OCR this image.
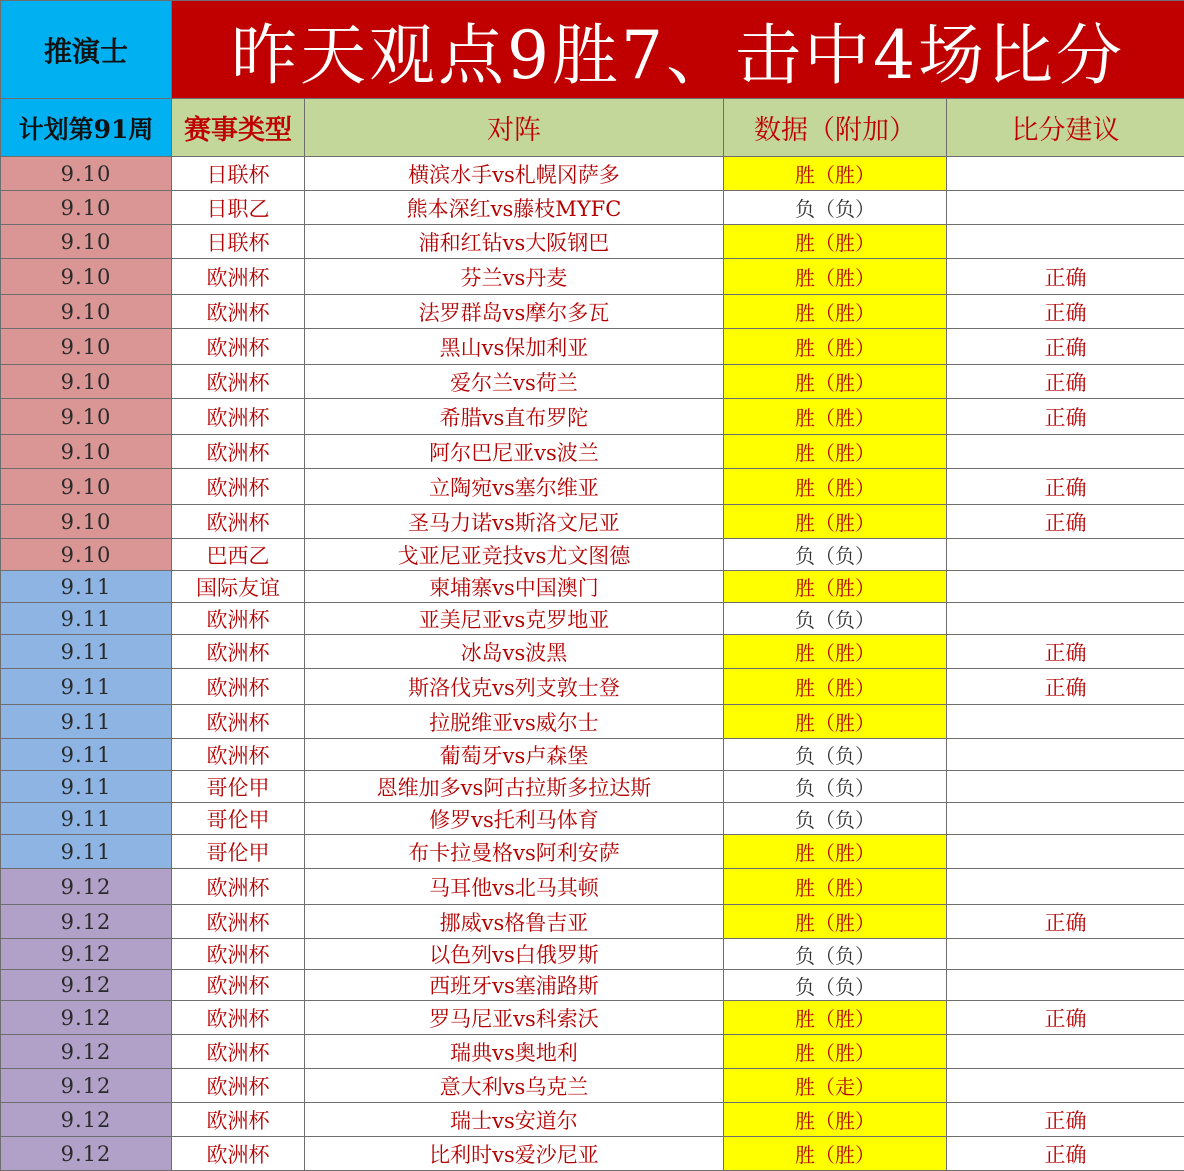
推演士	昨天观点9胜7、击中4场比分			
计划第91周	赛事类型	对阵	数据（附加）	比分建议
9.10	日联杯	横滨水手vs札幌冈萨多	胜（胜）	
9.10	日职乙	熊本深红vs藤枝MYFC	负（负）	
9.10	日联杯	浦和红钻vs大阪钢巴	胜（胜）	
9.10	欧洲杯	芬兰vs丹麦	胜（胜）	正确
9.10	欧洲杯	法罗群岛vs摩尔多瓦	胜（胜）	正确
9.10	欧洲杯	黑山vs保加利亚	胜（胜）	正确
9.10	欧洲杯	爱尔兰vs荷兰	胜（胜）	正确
9.10	欧洲杯	希腊vs直布罗陀	胜（胜）	正确
9.10	欧洲杯	阿尔巴尼亚vs波兰	胜（胜）	
9.10	欧洲杯	立陶宛vs塞尔维亚	胜（胜）	正确
9.10	欧洲杯	圣马力诺vs斯洛文尼亚	胜（胜）	正确
9.10	巴西乙	戈亚尼亚竞技vs尤文图德	负（负）	
9.11	国际友谊	柬埔寨vs中国澳门	胜（胜）	
9.11	欧洲杯	亚美尼亚vs克罗地亚	负（负）	
9.11	欧洲杯	冰岛vs波黑	胜（胜）	正确
9.11	欧洲杯	斯洛伐克vs列支敦士登	胜（胜）	正确
9.11	欧洲杯	拉脱维亚vs威尔士	胜（胜）	
9.11	欧洲杯	葡萄牙vs卢森堡	负（负）	
9.11	哥伦甲	恩维加多vs阿古拉斯多拉达斯	负（负）	
9.11	哥伦甲	修罗vs托利马体育	负（负）	
9.11	哥伦甲	布卡拉曼格vs阿利安萨	胜（胜）	
9.12	欧洲杯	马耳他vs北马其顿	胜（胜）	
9.12	欧洲杯	挪威vs格鲁吉亚	胜（胜）	正确
9.12	欧洲杯	以色列vs白俄罗斯	负（负）	
9.12	欧洲杯	西班牙vs塞浦路斯	负（负）	
9.12	欧洲杯	罗马尼亚vs科索沃	胜（胜）	正确
9.12	欧洲杯	瑞典vs奥地利	胜（胜）	
9.12	欧洲杯	意大利vs乌克兰	胜（走）	
9.12	欧洲杯	瑞士vs安道尔	胜（胜）	正确
9.12	欧洲杯	比利时vs爱沙尼亚	胜（胜）	正确
